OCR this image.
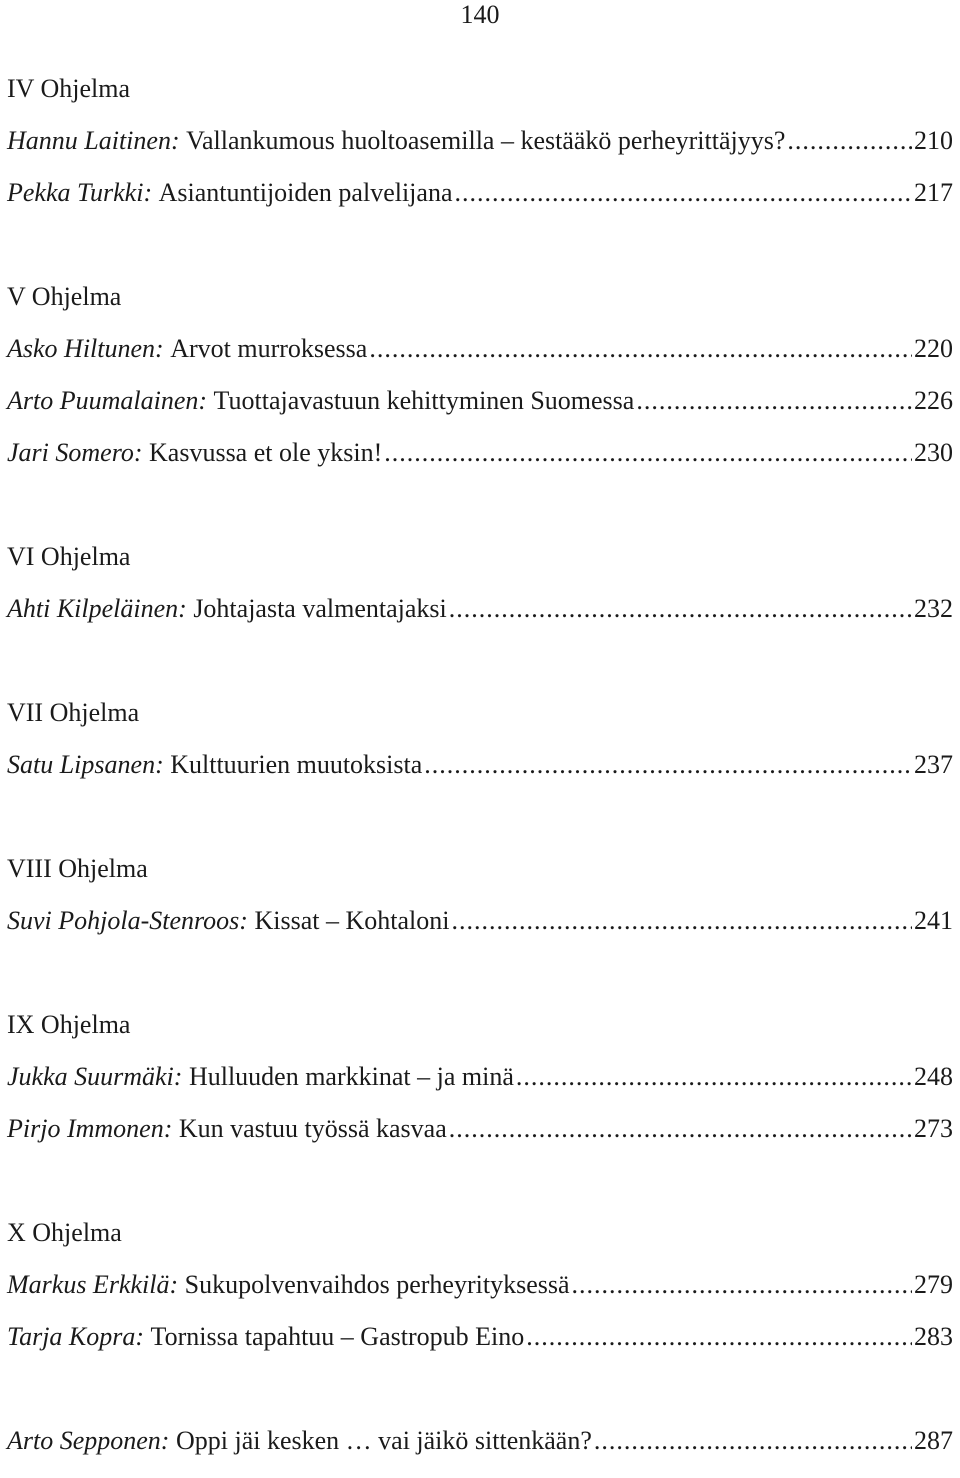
140
IV Ohjelma
Hannu Laitinen:
Vallankumous huoltoasemilla – kestääkö perheyrittäjyys? .....	210
Pekka Turkki:
Asiantuntijoiden palvelijana .....	217
V Ohjelma
Asko Hiltunen:
Arvot murroksessa .....	220
Arto Puumalainen:
Tuottajavastuun kehittyminen Suomessa .....	226
Jari Somero:
Kasvussa et ole yksin! .....	230
VI Ohjelma
Ahti Kilpeläinen:
Johtajasta valmentajaksi .....	232
VII Ohjelma
Satu Lipsanen:
Kulttuurien muutoksista .....	237
VIII Ohjelma
Suvi Pohjola-Stenroos:
Kissat – Kohtaloni .....	241
IX Ohjelma
Jukka Suurmäki:
Hulluuden markkinat – ja minä .....	248
Pirjo Immonen:
Kun vastuu työssä kasvaa .....	273
X Ohjelma
Markus Erkkilä:
Sukupolvenvaihdos perheyrityksessä .....	279
Tarja Kopra:
Tornissa tapahtuu – Gastropub Eino .....	283
Arto Sepponen:
Oppi jäi kesken … vai jäikö sittenkään? .....	287
